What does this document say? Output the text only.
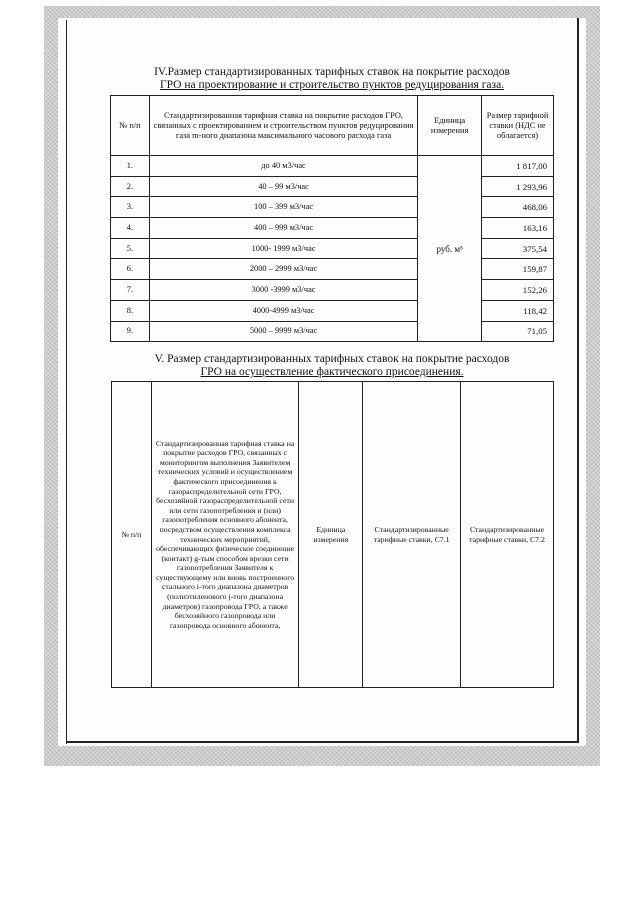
IV.Размер стандартизированных тарифных ставок на покрытие расходов
ГРО на проектирование и строительство пунктов редуцирования газа.
№ п/п	Стандартизированная тарифная ставка на покрытие расходов ГРО, связанных с проектированием и строительством пунктов редуцирования газа m-ного диапазона максимального часового расхода газа	Единица измерения	Размер тарифной ставки (НДС не облагается)
1.	до 40 м3/час	руб. м³	1 817,00
2.	40 – 99 м3/час		1 293,96
3.	100 – 399 м3/час		468,06
4.	400 – 999 м3/час		163,16
5.	1000- 1999 м3/час		375,54
6.	2000 – 2999 м3/час		159,87
7.	3000 -3999 м3/час		152,26
8.	4000-4999 м3/час		118,42
9.	5000 – 9999 м3/час		71,05
V. Размер стандартизированных тарифных ставок на покрытие расходов
ГРО на осуществление фактического присоединения.
№ п/п	Стандартизированная тарифная ставка на покрытие расходов ГРО, связанных с мониторингом выполнения Заявителем технических условий и осуществлением фактического присоединения к газораспределительной сети ГРО, бесхозяйной газораспределительной сети или сети газопотребления и (или) газопотребления основного абонента, посредством осуществления комплекса технических мероприятий, обеспечивающих физическое соединение (контакт) g-тым способом врезки сети газопотребления Заявителя к существующему или вновь построенного стального i-того диапазона диаметров (полиэтиленового j-того диапазона диаметров) газопровода ГРО, а также бесхозяйного газопровода или газопровода основного абонента,	Единица измерения	Стандартизированные тарифные ставки, С7.1	Стандартизированные тарифные ставки, С7.2
